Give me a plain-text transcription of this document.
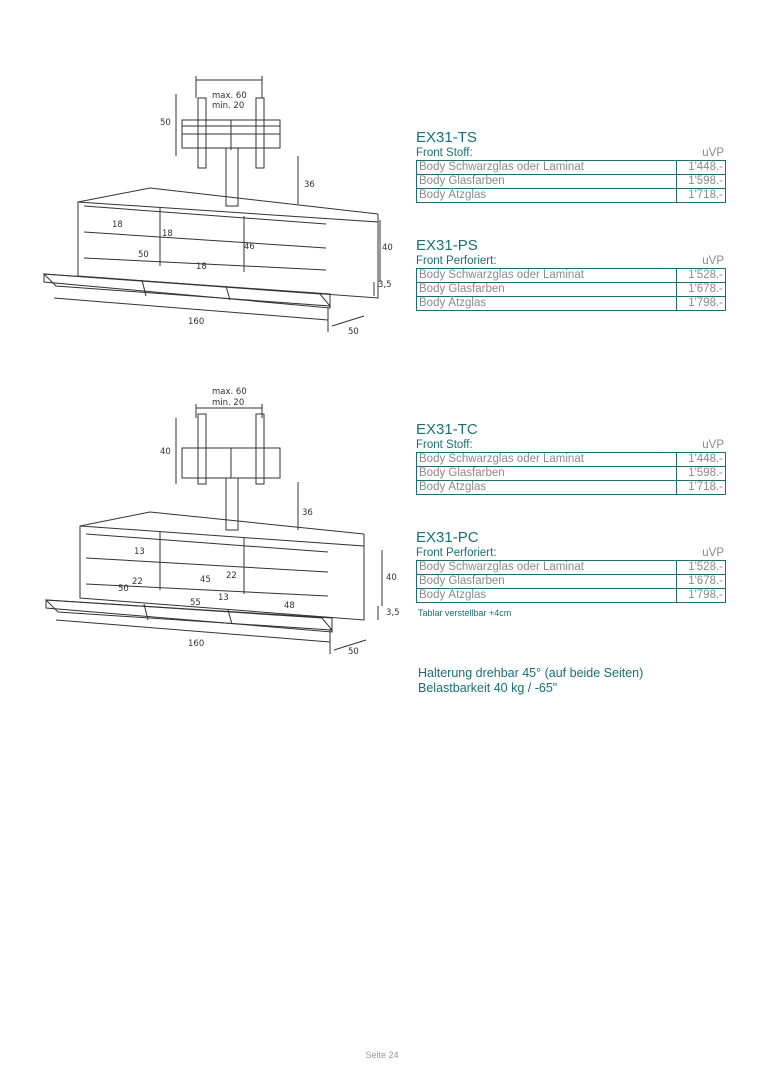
max. 60
min. 20
50
36
18
18
46
50
18
40
3,5
160
50
max. 60
min. 20
40
36
13
22
22
45
50
55 13
48
40
3,5
160
50
EX31-TS
Front Stoff:	uVP
Body Schwarzglas oder Laminat	1'448.-
Body Glasfarben	1'598.-
Body Ätzglas	1'718.-
EX31-PS
Front Perforiert:	uVP
Body Schwarzglas oder Laminat	1'528.-
Body Glasfarben	1'678.-
Body Ätzglas	1'798.-
EX31-TC
Front Stoff:	uVP
Body Schwarzglas oder Laminat	1'448.-
Body Glasfarben	1'598.-
Body Ätzglas	1'718.-
EX31-PC
Front Perforiert:	uVP
Body Schwarzglas oder Laminat	1'528.-
Body Glasfarben	1'678.-
Body Ätzglas	1'798.-
Tablar verstellbar +4cm
Halterung drehbar 45° (auf beide Seiten)
Belastbarkeit 40 kg / -65"
Seite 24
